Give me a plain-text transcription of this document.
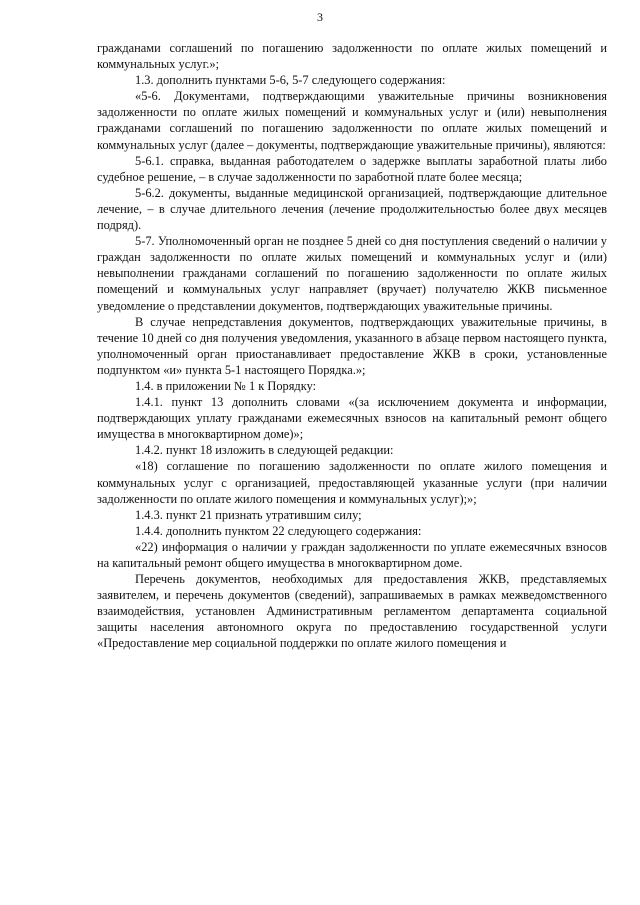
3

гражданами соглашений по погашению задолженности по оплате жилых помещений и коммунальных услуг.»;

1.3. дополнить пунктами 5-6, 5-7 следующего содержания:

«5-6. Документами, подтверждающими уважительные причины возникновения задолженности по оплате жилых помещений и коммунальных услуг и (или) невыполнения гражданами соглашений по погашению задолженности по оплате жилых помещений и коммунальных услуг (далее – документы, подтверждающие уважительные причины), являются:

5-6.1. справка, выданная работодателем о задержке выплаты заработной платы либо судебное решение, – в случае задолженности по заработной плате более месяца;

5-6.2. документы, выданные медицинской организацией, подтверждающие длительное лечение, – в случае длительного лечения (лечение продолжительностью более двух месяцев подряд).

5-7. Уполномоченный орган не позднее 5 дней со дня поступления сведений о наличии у граждан задолженности по оплате жилых помещений и коммунальных услуг и (или) невыполнении гражданами соглашений по погашению задолженности по оплате жилых помещений и коммунальных услуг направляет (вручает) получателю ЖКВ письменное уведомление о представлении документов, подтверждающих уважительные причины.

В случае непредставления документов, подтверждающих уважительные причины, в течение 10 дней со дня получения уведомления, указанного в абзаце первом настоящего пункта, уполномоченный орган приостанавливает предоставление ЖКВ в сроки, установленные подпунктом «и» пункта 5-1 настоящего Порядка.»;

1.4. в приложении № 1 к Порядку:

1.4.1. пункт 13 дополнить словами «(за исключением документа и информации, подтверждающих уплату гражданами ежемесячных взносов на капитальный ремонт общего имущества в многоквартирном доме)»;

1.4.2. пункт 18 изложить в следующей редакции:

«18) соглашение по погашению задолженности по оплате жилого помещения и коммунальных услуг с организацией, предоставляющей указанные услуги (при наличии задолженности по оплате жилого помещения и коммунальных услуг);»;

1.4.3. пункт 21 признать утратившим силу;

1.4.4. дополнить пунктом 22 следующего содержания:

«22) информация о наличии у граждан задолженности по уплате ежемесячных взносов на капитальный ремонт общего имущества в многоквартирном доме.

Перечень документов, необходимых для предоставления ЖКВ, представляемых заявителем, и перечень документов (сведений), запрашиваемых в рамках межведомственного взаимодействия, установлен Административным регламентом департамента социальной защиты населения автономного округа по предоставлению государственной услуги «Предоставление мер социальной поддержки по оплате жилого помещения и
